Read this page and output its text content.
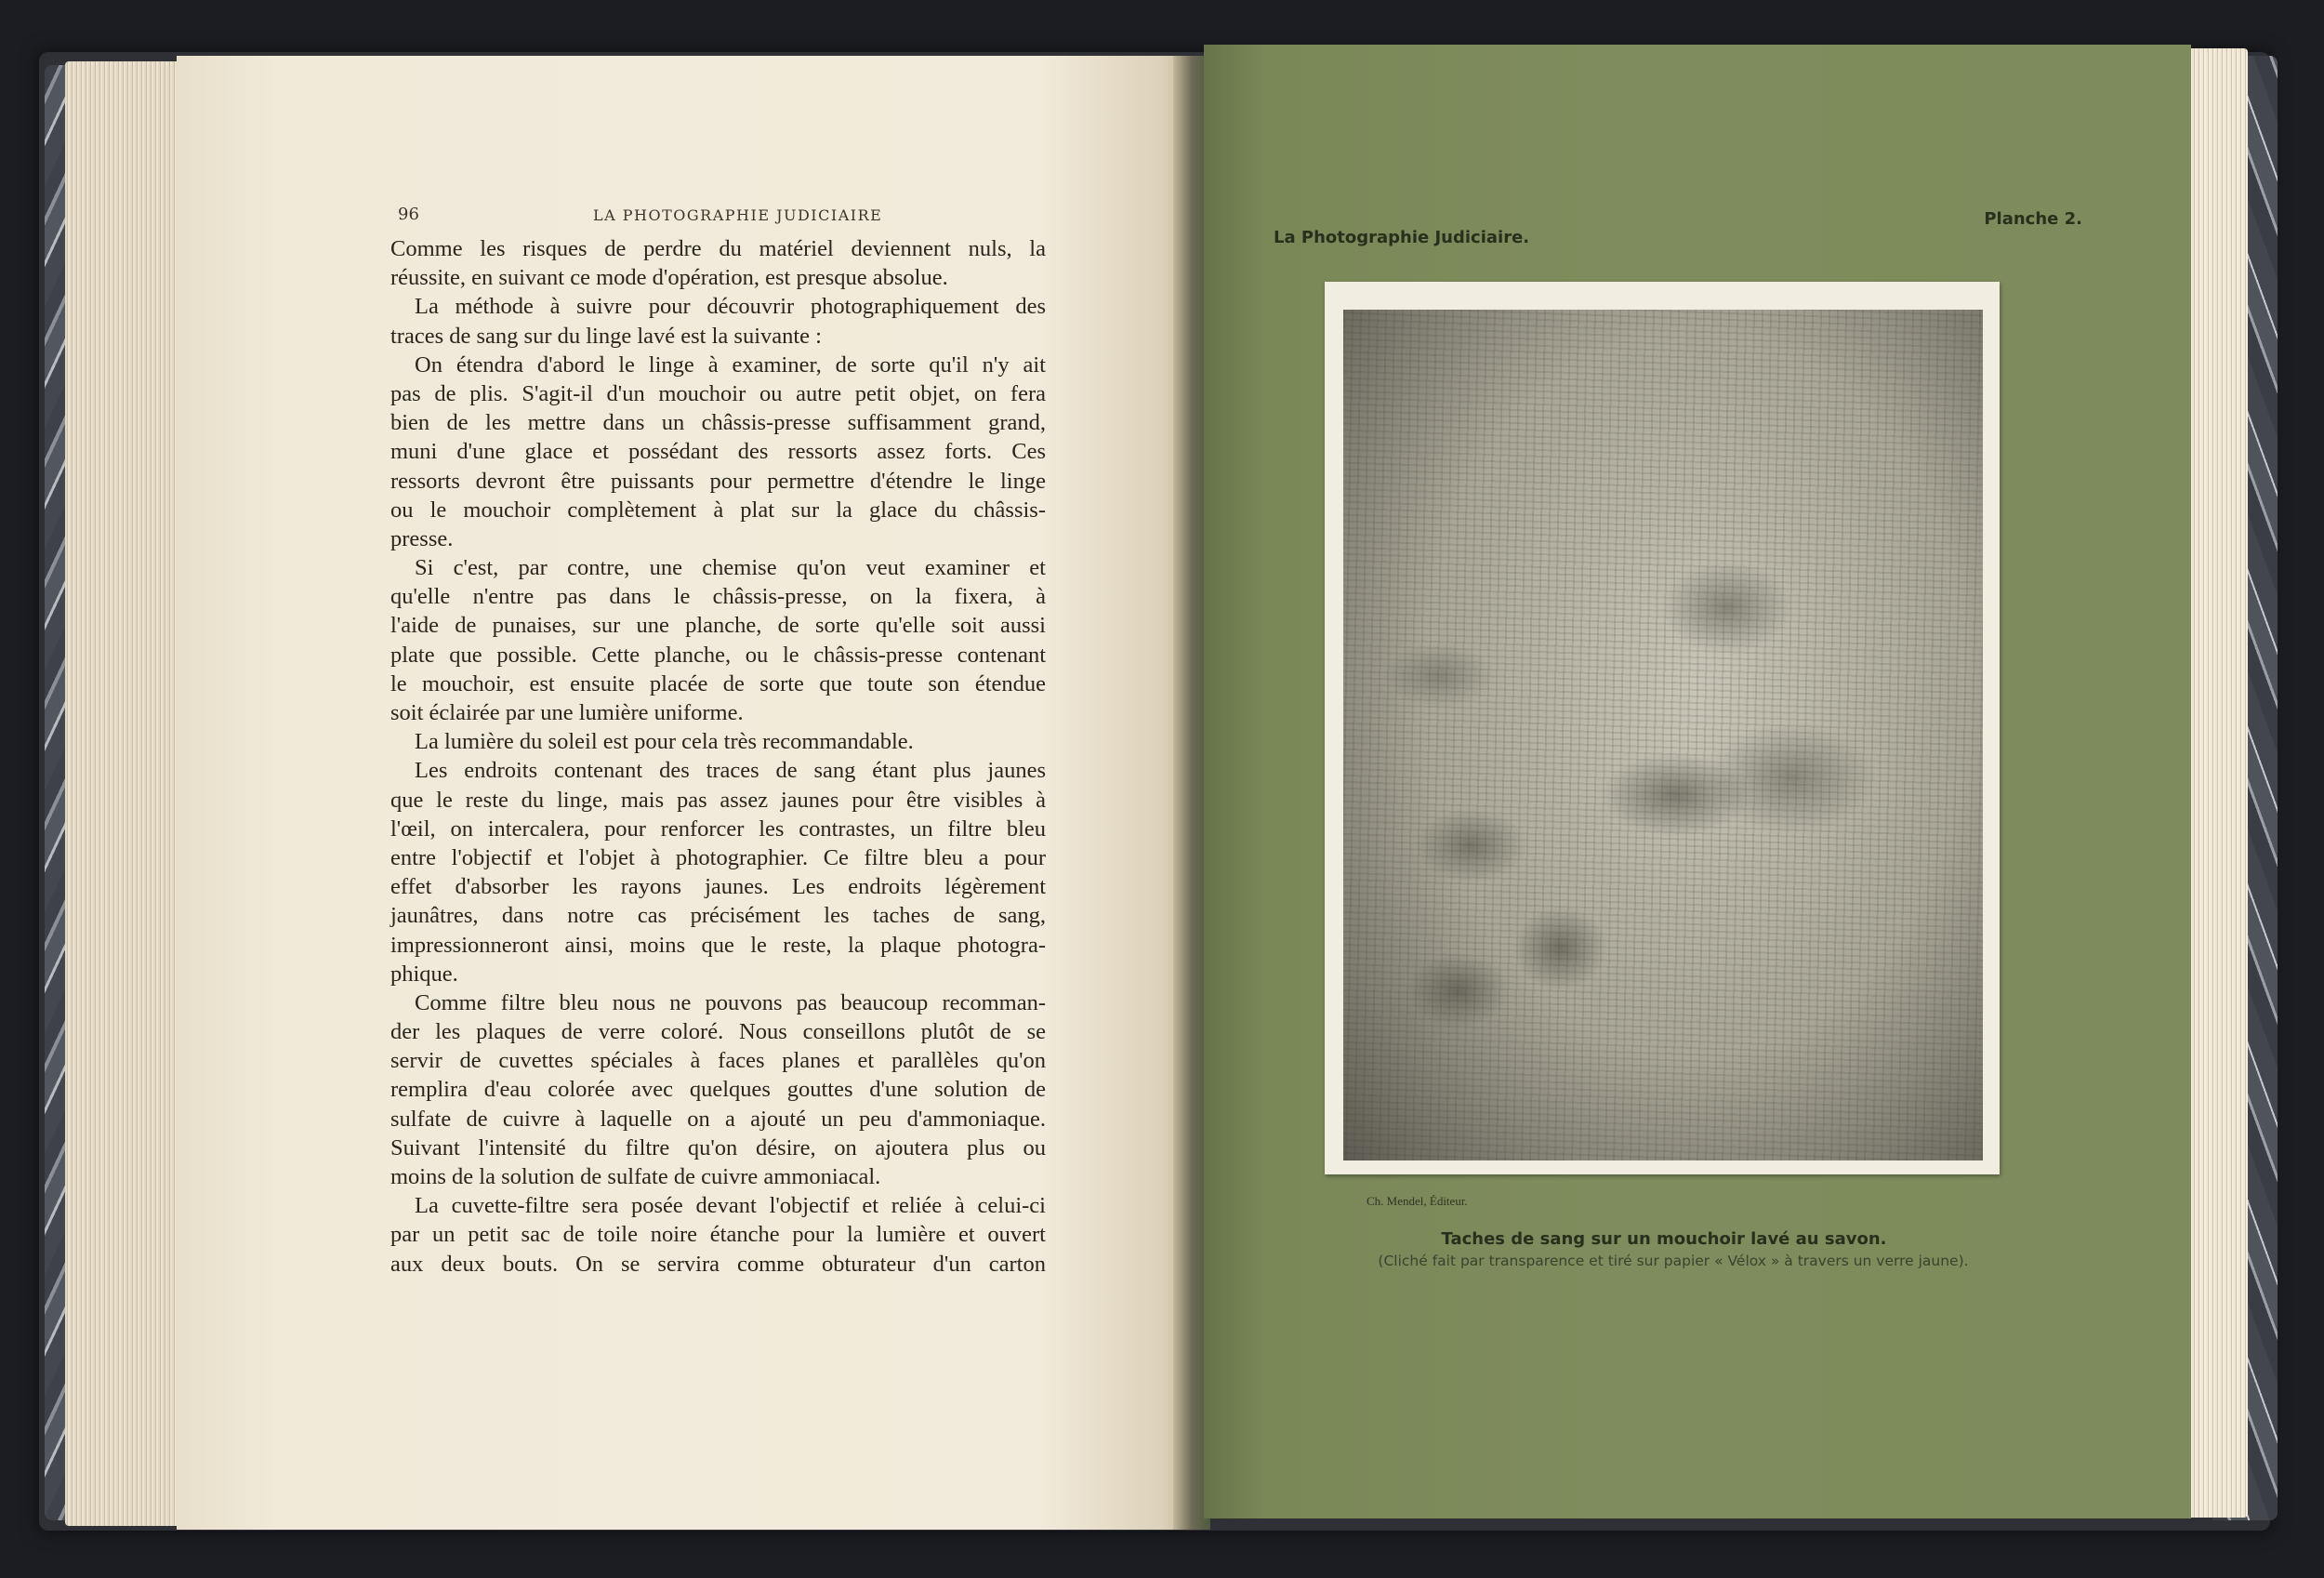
96	LA PHOTOGRAPHIE JUDICIAIRE
Comme les risques de perdre du matériel deviennent nuls, la
réussite, en suivant ce mode d'opération, est presque absolue.
La méthode à suivre pour découvrir photographiquement des
traces de sang sur du linge lavé est la suivante :
On étendra d'abord le linge à examiner, de sorte qu'il n'y ait
pas de plis. S'agit-il d'un mouchoir ou autre petit objet, on fera
bien de les mettre dans un châssis-presse suffisamment grand,
muni d'une glace et possédant des ressorts assez forts. Ces
ressorts devront être puissants pour permettre d'étendre le linge
ou le mouchoir complètement à plat sur la glace du châssis-
presse.
Si c'est, par contre, une chemise qu'on veut examiner et
qu'elle n'entre pas dans le châssis-presse, on la fixera, à
l'aide de punaises, sur une planche, de sorte qu'elle soit aussi
plate que possible. Cette planche, ou le châssis-presse contenant
le mouchoir, est ensuite placée de sorte que toute son étendue
soit éclairée par une lumière uniforme.
La lumière du soleil est pour cela très recommandable.
Les endroits contenant des traces de sang étant plus jaunes
que le reste du linge, mais pas assez jaunes pour être visibles à
l'œil, on intercalera, pour renforcer les contrastes, un filtre bleu
entre l'objectif et l'objet à photographier. Ce filtre bleu a pour
effet d'absorber les rayons jaunes. Les endroits légèrement
jaunâtres, dans notre cas précisément les taches de sang,
impressionneront ainsi, moins que le reste, la plaque photogra-
phique.
Comme filtre bleu nous ne pouvons pas beaucoup recomman-
der les plaques de verre coloré. Nous conseillons plutôt de se
servir de cuvettes spéciales à faces planes et parallèles qu'on
remplira d'eau colorée avec quelques gouttes d'une solution de
sulfate de cuivre à laquelle on a ajouté un peu d'ammoniaque.
Suivant l'intensité du filtre qu'on désire, on ajoutera plus ou
moins de la solution de sulfate de cuivre ammoniacal.
La cuvette-filtre sera posée devant l'objectif et reliée à celui-ci
par un petit sac de toile noire étanche pour la lumière et ouvert
aux deux bouts. On se servira comme obturateur d'un carton
La Photographie Judiciaire.
Planche 2.
Ch. Mendel, Éditeur.
Taches de sang sur un mouchoir lavé au savon.
(Cliché fait par transparence et tiré sur papier « Vélox » à travers un verre jaune).
